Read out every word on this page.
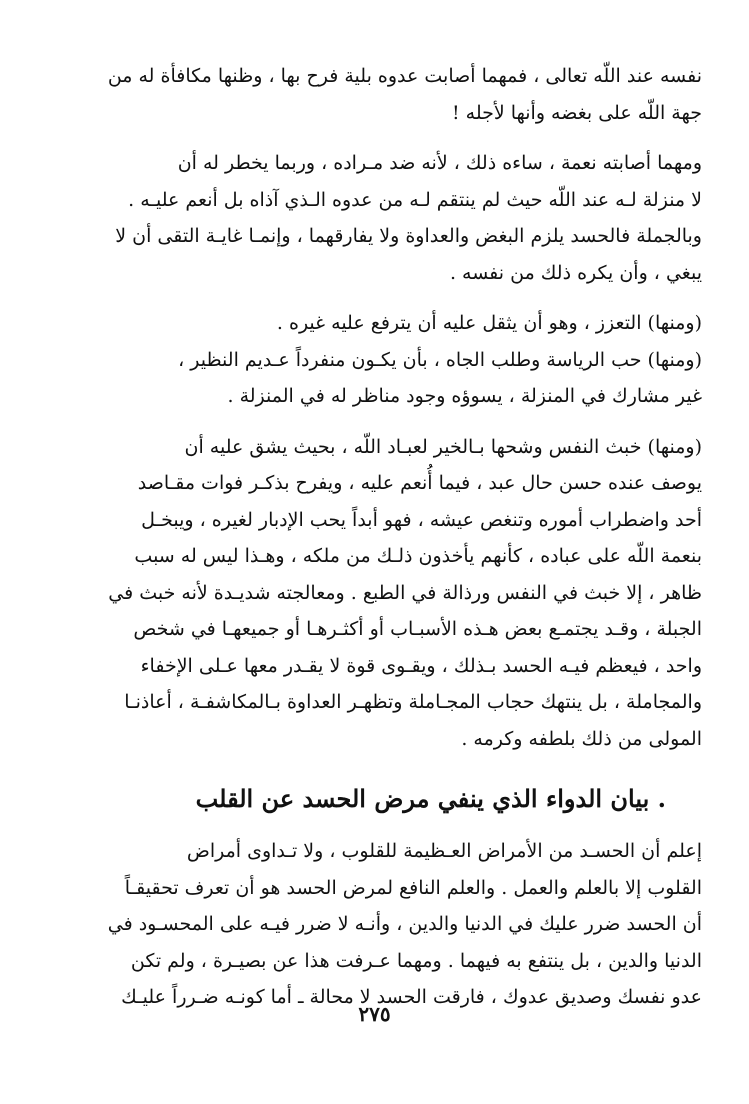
نفسه عند اللّه تعالى ، فمهما أصابت عدوه بلية فرح بها ، وظنها مكافأة له من

جهة اللّه على بغضه وأنها لأجله !

ومهما أصابته نعمة ، ساءه ذلك ، لأنه ضد مـراده ، وربما يخطر له أن

لا منزلة لـه عند اللّه حيث لم ينتقم لـه من عدوه الـذي آذاه بل أنعم عليـه .

وبالجملة فالحسد يلزم البغض والعداوة ولا يفارقهما ، وإنمـا غايـة التقى أن لا

يبغي ، وأن يكره ذلك من نفسه .

(ومنها) التعزز ، وهو أن يثقل عليه أن يترفع عليه غيره .

(ومنها) حب الرياسة وطلب الجاه ، بأن يكـون منفرداً عـديم النظير ،

غير مشارك في المنزلة ، يسوؤه وجود مناظر له في المنزلة .

(ومنها) خبث النفس وشحها بـالخير لعبـاد اللّه ، بحيث يشق عليه أن

يوصف عنده حسن حال عبد ، فيما أُنعم عليه ، ويفرح بذكـر فوات مقـاصد

أحد واضطراب أموره وتنغص عيشه ، فهو أبداً يحب الإدبار لغيره ، ويبخـل

بنعمة اللّه على عباده ، كأنهم يأخذون ذلـك من ملكه ، وهـذا ليس له سبب

ظاهر ، إلا خبث في النفس ورذالة في الطبع . ومعالجته شديـدة لأنه خبث في

الجبلة ، وقـد يجتمـع بعض هـذه الأسبـاب أو أكثـرهـا أو جميعهـا في شخص

واحد ، فيعظم فيـه الحسد بـذلك ، ويقـوى قوة لا يقـدر معها عـلى الإخفاء

والمجاملة ، بل ينتهك حجاب المجـاملة وتظهـر العداوة بـالمكاشفـة ، أعاذنـا

المولى من ذلك بلطفه وكرمه .

. بيان الدواء الذي ينفي مرض الحسد عن القلب

إعلم أن الحسـد من الأمراض العـظيمة للقلوب ، ولا تـداوى أمراض

القلوب إلا بالعلم والعمل . والعلم النافع لمرض الحسد هو أن تعرف تحقيقـاً

أن الحسد ضرر عليك في الدنيا والدين ، وأنـه لا ضرر فيـه على المحسـود في

الدنيا والدين ، بل ينتفع به فيهما . ومهما عـرفت هذا عن بصيـرة ، ولم تكن

عدو نفسك وصديق عدوك ، فارقت الحسد لا محالة ـ أما كونـه ضـرراً عليـك

٢٧٥
